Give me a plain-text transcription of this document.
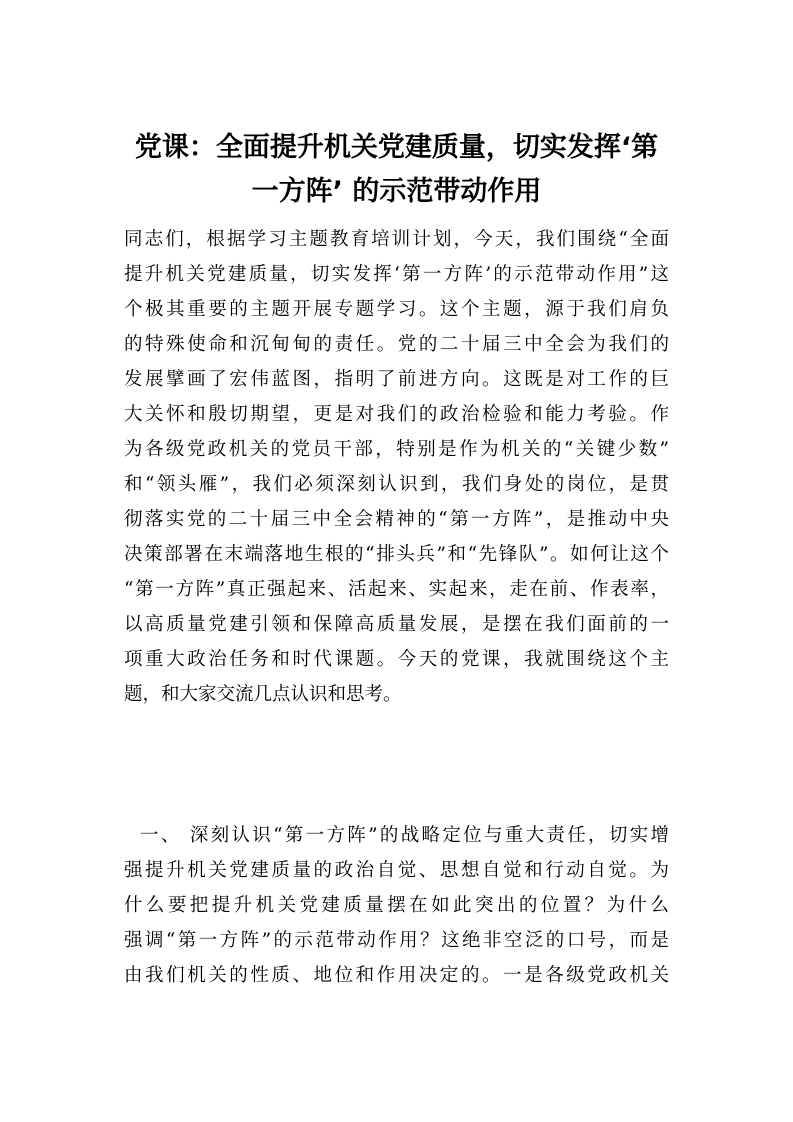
党课：全面提升机关党建质量，切实发挥‘第
一方阵’ 的示范带动作用
同志们，根据学习主题教育培训计划，今天，我们围绕“全面
提升机关党建质量，切实发挥‘第一方阵’的示范带动作用”这
个极其重要的主题开展专题学习。这个主题，源于我们肩负
的特殊使命和沉甸甸的责任。党的二十届三中全会为我们的
发展擘画了宏伟蓝图，指明了前进方向。这既是对工作的巨
大关怀和殷切期望，更是对我们的政治检验和能力考验。作
为各级党政机关的党员干部，特别是作为机关的“关键少数”
和“领头雁”，我们必须深刻认识到，我们身处的岗位，是贯
彻落实党的二十届三中全会精神的“第一方阵”，是推动中央
决策部署在末端落地生根的“排头兵”和“先锋队”。如何让这个
“第一方阵”真正强起来、活起来、实起来，走在前、作表率，
以高质量党建引领和保障高质量发展，是摆在我们面前的一
项重大政治任务和时代课题。今天的党课，我就围绕这个主
题，和大家交流几点认识和思考。
一、 深刻认识“第一方阵”的战略定位与重大责任，切实增
强提升机关党建质量的政治自觉、思想自觉和行动自觉。为
什么要把提升机关党建质量摆在如此突出的位置？为什么
强调“第一方阵”的示范带动作用？这绝非空泛的口号，而是
由我们机关的性质、地位和作用决定的。一是各级党政机关
